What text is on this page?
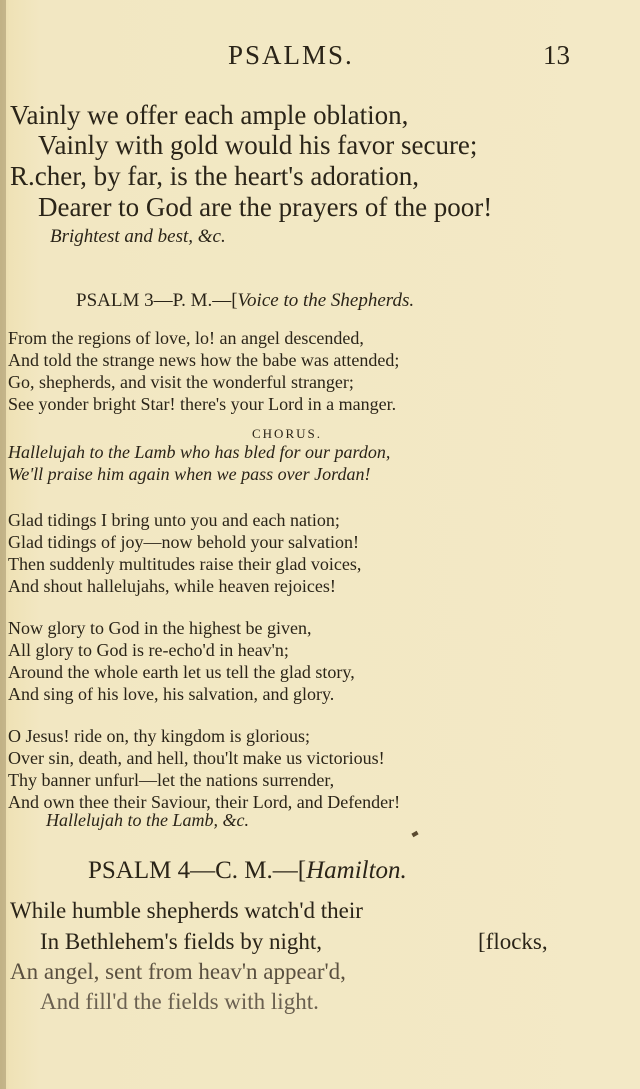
PSALMS.	13
Vainly we offer each ample oblation,
Vainly with gold would his favor secure;
R.cher, by far, is the heart's adoration,
Dearer to God are the prayers of the poor!
Brightest and best, &c.
PSALM 3—P. M.—[Voice to the Shepherds.
From the regions of love, lo! an angel descended,
And told the strange news how the babe was attended;
Go, shepherds, and visit the wonderful stranger;
See yonder bright Star! there's your Lord in a manger.
CHORUS.
Hallelujah to the Lamb who has bled for our pardon,
We'll praise him again when we pass over Jordan!
Glad tidings I bring unto you and each nation;
Glad tidings of joy—now behold your salvation!
Then suddenly multitudes raise their glad voices,
And shout hallelujahs, while heaven rejoices!
Now glory to God in the highest be given,
All glory to God is re-echo'd in heav'n;
Around the whole earth let us tell the glad story,
And sing of his love, his salvation, and glory.
O Jesus! ride on, thy kingdom is glorious;
Over sin, death, and hell, thou'lt make us victorious!
Thy banner unfurl—let the nations surrender,
And own thee their Saviour, their Lord, and Defender!
Hallelujah to the Lamb, &c.
PSALM 4—C. M.—[Hamilton.
While humble shepherds watch'd their
In Bethlehem's fields by night,	[flocks,
An angel, sent from heav'n appear'd,
And fill'd the fields with light.
